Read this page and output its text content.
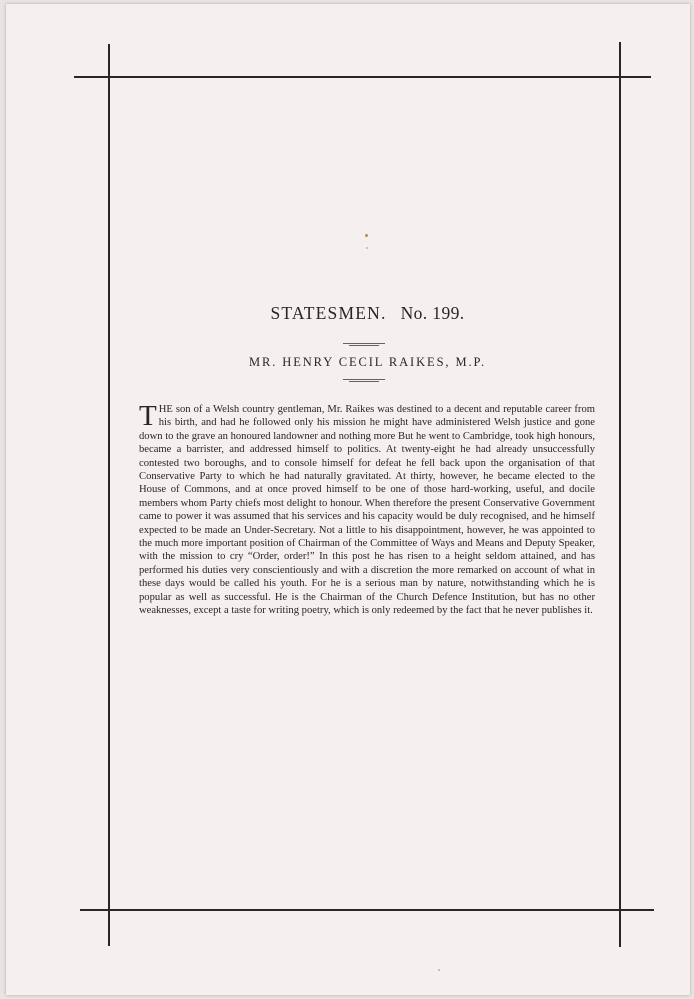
STATESMEN. No. 199.
MR. HENRY CECIL RAIKES, M.P.
THE son of a Welsh country gentleman, Mr. Raikes was destined to a decent and reputable career from his birth, and had he followed only his mission he might have administered Welsh justice and gone down to the grave an honoured landowner and nothing more But he went to Cambridge, took high honours, became a barrister, and addressed himself to politics. At twenty-eight he had already unsuccessfully contested two boroughs, and to console himself for defeat he fell back upon the organisation of that Conservative Party to which he had naturally gravitated. At thirty, however, he became elected to the House of Commons, and at once proved himself to be one of those hard-working, useful, and docile members whom Party chiefs most delight to honour. When therefore the present Conservative Government came to power it was assumed that his services and his capacity would be duly recognised, and he himself expected to be made an Under-Secretary. Not a little to his disappointment, however, he was appointed to the much more important position of Chairman of the Committee of Ways and Means and Deputy Speaker, with the mission to cry “Order, order!” In this post he has risen to a height seldom attained, and has performed his duties very conscientiously and with a discretion the more remarked on account of what in these days would be called his youth. For he is a serious man by nature, notwithstanding which he is popular as well as successful. He is the Chairman of the Church Defence Institution, but has no other weaknesses, except a taste for writing poetry, which is only redeemed by the fact that he never publishes it.
